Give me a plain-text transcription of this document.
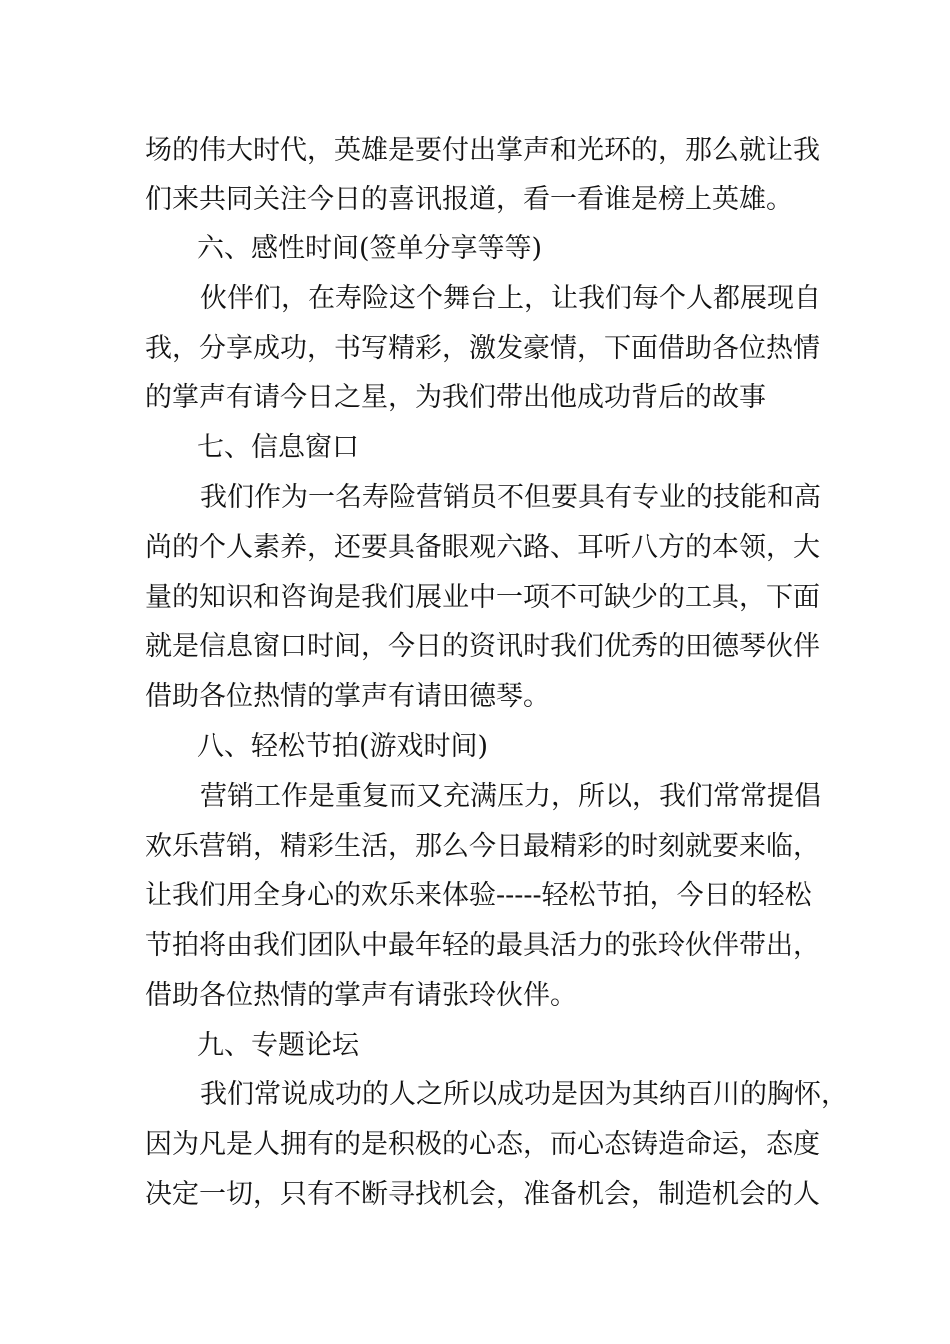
场的伟大时代，英雄是要付出掌声和光环的，那么就让我
们来共同关注今日的喜讯报道，看一看谁是榜上英雄。
六、感性时间(签单分享等等)
伙伴们，在寿险这个舞台上，让我们每个人都展现自
我，分享成功，书写精彩，激发豪情，下面借助各位热情
的掌声有请今日之星，为我们带出他成功背后的故事
七、信息窗口
我们作为一名寿险营销员不但要具有专业的技能和高
尚的个人素养，还要具备眼观六路、耳听八方的本领，大
量的知识和咨询是我们展业中一项不可缺少的工具，下面
就是信息窗口时间，今日的资讯时我们优秀的田德琴伙伴
借助各位热情的掌声有请田德琴。
八、轻松节拍(游戏时间)
营销工作是重复而又充满压力，所以，我们常常提倡
欢乐营销，精彩生活，那么今日最精彩的时刻就要来临，
让我们用全身心的欢乐来体验-----轻松节拍，今日的轻松
节拍将由我们团队中最年轻的最具活力的张玲伙伴带出，
借助各位热情的掌声有请张玲伙伴。
九、专题论坛
我们常说成功的人之所以成功是因为其纳百川的胸怀，
因为凡是人拥有的是积极的心态，而心态铸造命运，态度
决定一切，只有不断寻找机会，准备机会，制造机会的人
